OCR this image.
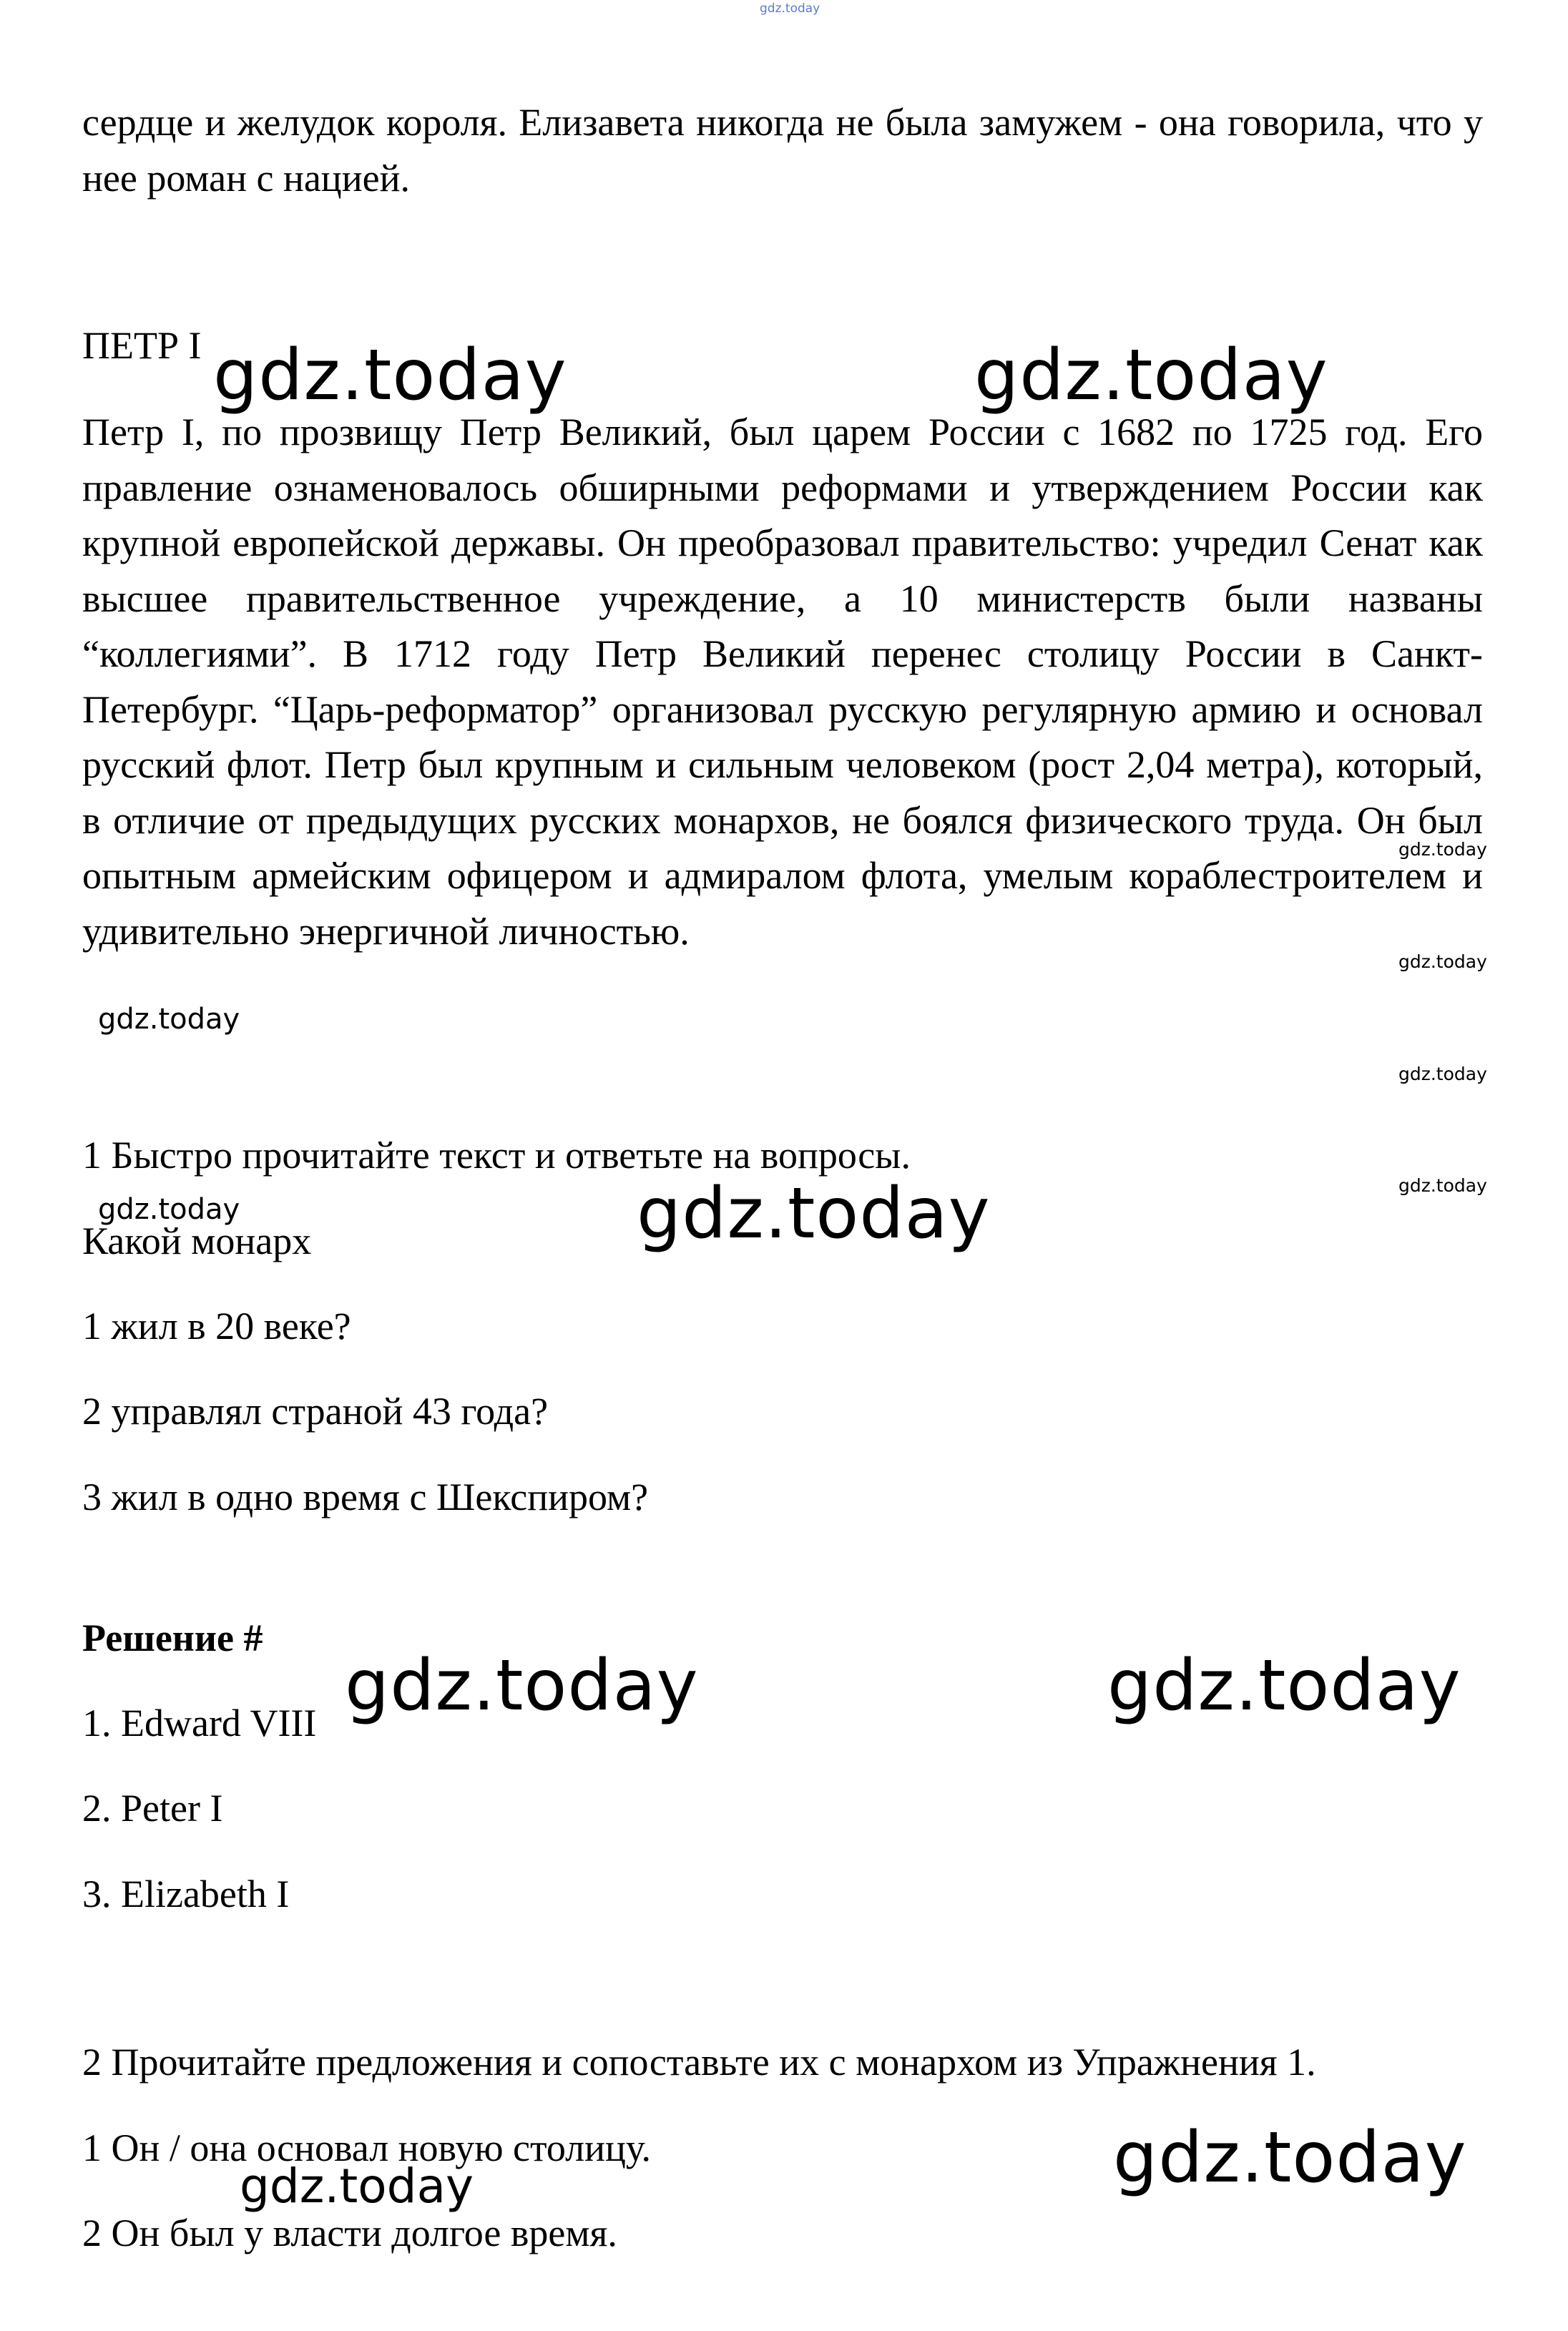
gdz.today

сердце и желудок короля. Елизавета никогда не была замужем - она говорила, что у нее роман с нацией.

ПЕТР I

Петр I, по прозвищу Петр Великий, был царем России с 1682 по 1725 год. Его правление ознаменовалось обширными реформами и утверждением России как крупной европейской державы. Он преобразовал правительство: учредил Сенат как высшее правительственное учреждение, а 10 министерств были названы “коллегиями”. В 1712 году Петр Великий перенес столицу России в Санкт-Петербург. “Царь-реформатор” организовал русскую регулярную армию и основал русский флот. Петр был крупным и сильным человеком (рост 2,04 метра), который, в отличие от предыдущих русских монархов, не боялся физического труда. Он был опытным армейским офицером и адмиралом флота, умелым кораблестроителем и удивительно энергичной личностью.

1 Быстро прочитайте текст и ответьте на вопросы.
Какой монарх
1 жил в 20 веке?
2 управлял страной 43 года?
3 жил в одно время с Шекспиром?
Решение #
1. Edward VIII
2. Peter I
3. Elizabeth I
2 Прочитайте предложения и сопоставьте их с монархом из Упражнения 1.
1 Он / она основал новую столицу.
2 Он был у власти долгое время.
gdz.today	gdz.today
gdz.today
gdz.today	gdz.today
gdz.today
gdz.today
gdz.today
gdz.today
gdz.today
gdz.today
gdz.today
gdz.today
